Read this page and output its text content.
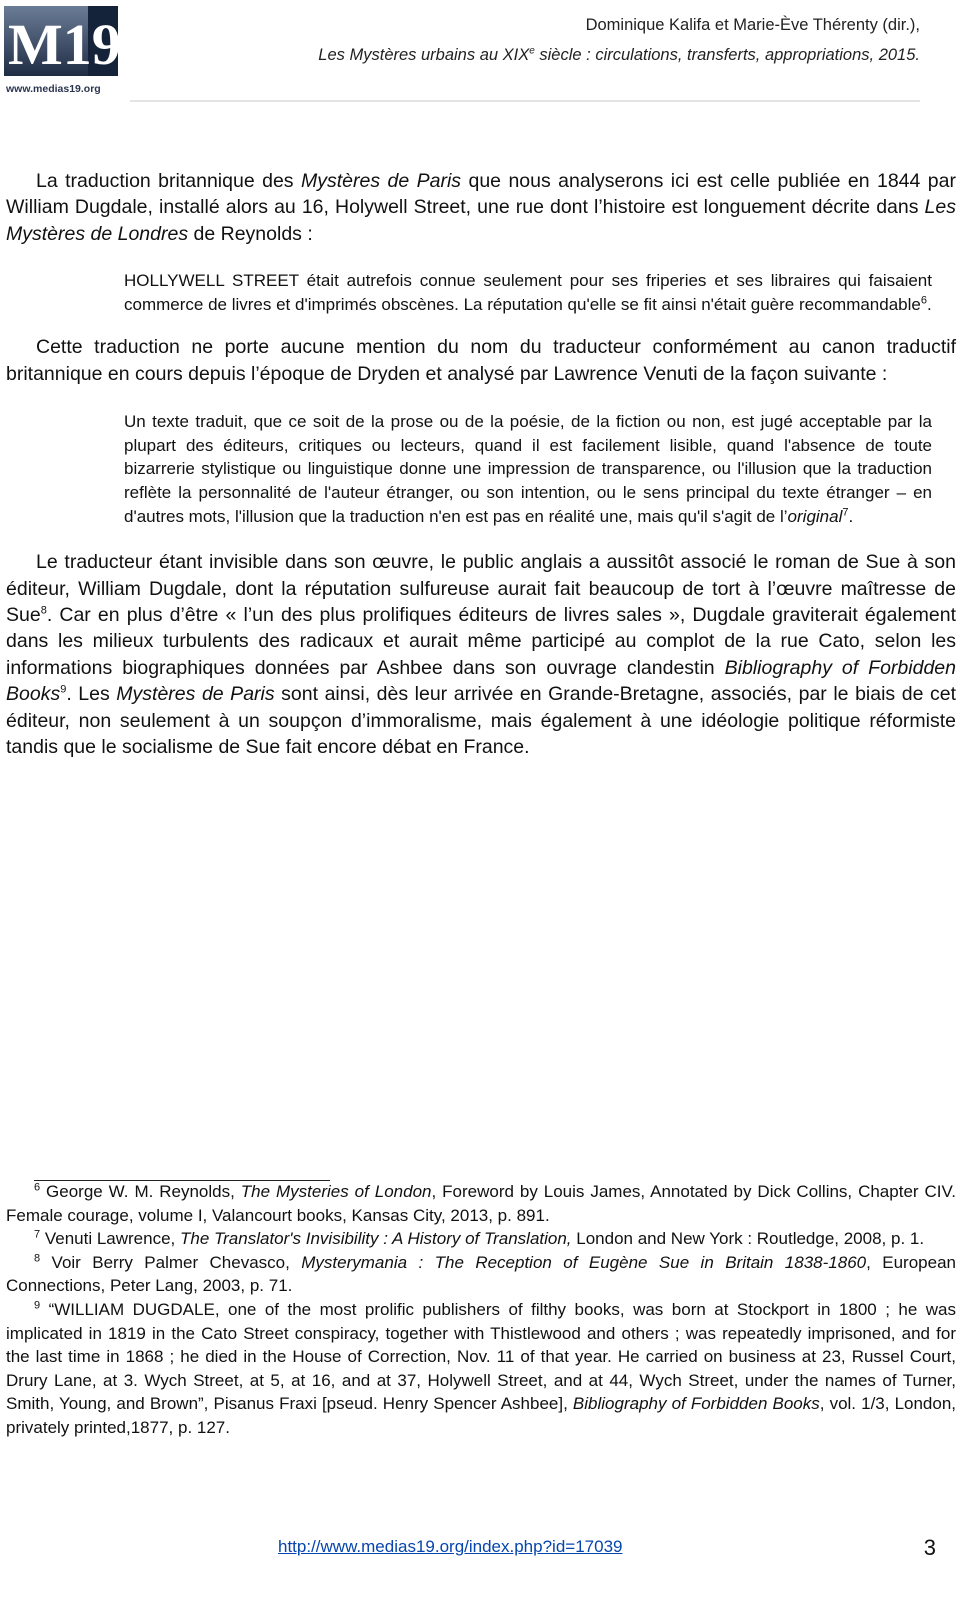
M19
www.medias19.org
Dominique Kalifa et Marie-Ève Thérenty (dir.),
Les Mystères urbains au XIXe siècle : circulations, transferts, appropriations, 2015.

La traduction britannique des Mystères de Paris que nous analyserons ici est celle publiée en 1844 par William Dugdale, installé alors au 16, Holywell Street, une rue dont l’histoire est longuement décrite dans Les Mystères de Londres de Reynolds :

HOLLYWELL STREET était autrefois connue seulement pour ses friperies et ses libraires qui faisaient commerce de livres et d'imprimés obscènes. La réputation qu'elle se fit ainsi n'était guère recommandable$^6$.

Cette traduction ne porte aucune mention du nom du traducteur conformément au canon traductif britannique en cours depuis l’époque de Dryden et analysé par Lawrence Venuti de la façon suivante :

Un texte traduit, que ce soit de la prose ou de la poésie, de la fiction ou non, est jugé acceptable par la plupart des éditeurs, critiques ou lecteurs, quand il est facilement lisible, quand l'absence de toute bizarrerie stylistique ou linguistique donne une impression de transparence, ou l'illusion que la traduction reflète la personnalité de l'auteur étranger, ou son intention, ou le sens principal du texte étranger – en d'autres mots, l'illusion que la traduction n'en est pas en réalité une, mais qu'il s'agit de l’original$^7$.

Le traducteur étant invisible dans son œuvre, le public anglais a aussitôt associé le roman de Sue à son éditeur, William Dugdale, dont la réputation sulfureuse aurait fait beaucoup de tort à l’œuvre maîtresse de Sue$^8$. Car en plus d’être « l’un des plus prolifiques éditeurs de livres sales », Dugdale graviterait également dans les milieux turbulents des radicaux et aurait même participé au complot de la rue Cato, selon les informations biographiques données par Ashbee dans son ouvrage clandestin Bibliography of Forbidden Books$^9$. Les Mystères de Paris sont ainsi, dès leur arrivée en Grande-Bretagne, associés, par le biais de cet éditeur, non seulement à un soupçon d’immoralisme, mais également à une idéologie politique réformiste tandis que le socialisme de Sue fait encore débat en France.

$^6$ George W. M. Reynolds, The Mysteries of London, Foreword by Louis James, Annotated by Dick Collins, Chapter CIV. Female courage, volume I, Valancourt books, Kansas City, 2013, p. 891.

$^7$ Venuti Lawrence, The Translator's Invisibility : A History of Translation, London and New York : Routledge, 2008, p. 1.

$^8$ Voir Berry Palmer Chevasco, Mysterymania : The Reception of Eugène Sue in Britain 1838-1860, European Connections, Peter Lang, 2003, p. 71.

$^9$ “WILLIAM DUGDALE, one of the most prolific publishers of filthy books, was born at Stockport in 1800 ; he was implicated in 1819 in the Cato Street conspiracy, together with Thistlewood and others ; was repeatedly imprisoned, and for the last time in 1868 ; he died in the House of Correction, Nov. 11 of that year. He carried on business at 23, Russel Court, Drury Lane, at 3. Wych Street, at 5, at 16, and at 37, Holywell Street, and at 44, Wych Street, under the names of Turner, Smith, Young, and Brown”, Pisanus Fraxi [pseud. Henry Spencer Ashbee], Bibliography of Forbidden Books, vol. 1/3, London, privately printed,1877, p. 127.

http://www.medias19.org/index.php?id=17039	3
